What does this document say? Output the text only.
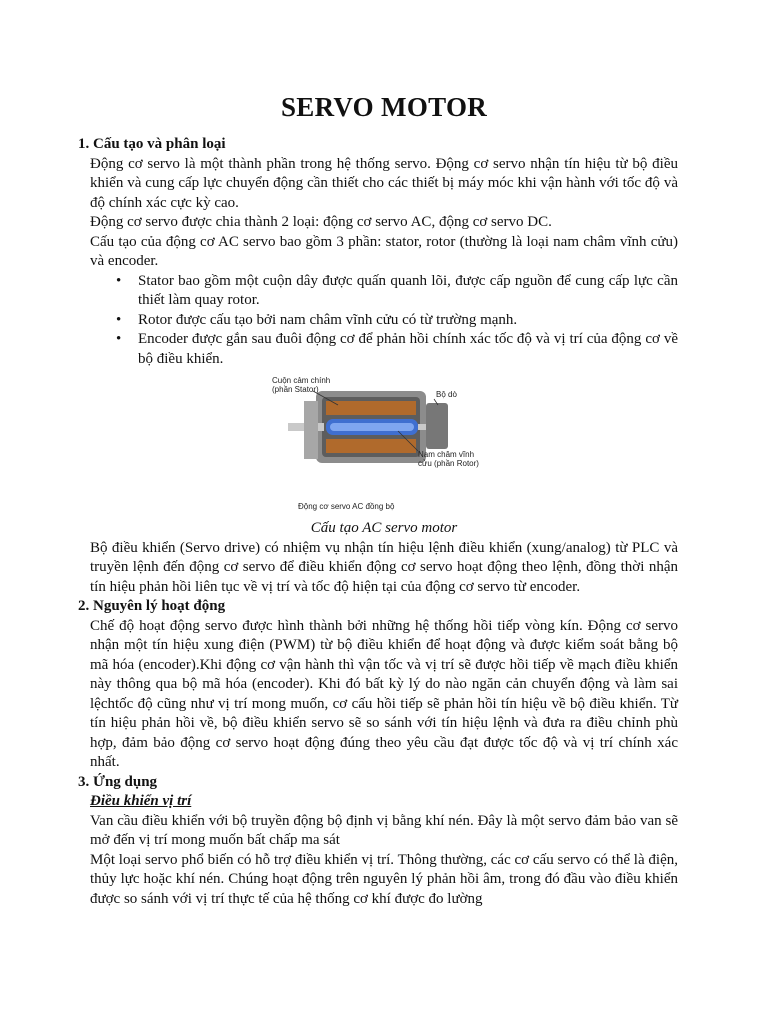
SERVO MOTOR
1. Cấu tạo và phân loại
Động cơ servo là một thành phần trong hệ thống servo. Động cơ servo nhận tín hiệu từ bộ điều khiển và cung cấp lực chuyển động cần thiết cho các thiết bị máy móc khi vận hành với tốc độ và độ chính xác cực kỳ cao.
Động cơ servo được chia thành 2 loại: động cơ servo AC, động cơ servo DC.
Cấu tạo của động cơ AC servo bao gồm 3 phần: stator, rotor (thường là loại nam châm vĩnh cửu) và encoder.
• Stator bao gồm một cuộn dây được quấn quanh lõi, được cấp nguồn để cung cấp lực cần thiết làm quay rotor.
• Rotor được cấu tạo bởi nam châm vĩnh cửu có từ trường mạnh.
• Encoder được gắn sau đuôi động cơ để phản hồi chính xác tốc độ và vị trí của động cơ về bộ điều khiển.
Cuộn cảm chính
(phần Stator)
Bộ dò
Nam châm vĩnh
cửu (phần Rotor)
Động cơ servo AC đồng bộ
Cấu tạo AC servo motor
Bộ điều khiển (Servo drive) có nhiệm vụ nhận tín hiệu lệnh điều khiển (xung/analog) từ PLC và truyền lệnh đến động cơ servo để điều khiển động cơ servo hoạt động theo lệnh, đồng thời nhận tín hiệu phản hồi liên tục về vị trí và tốc độ hiện tại của động cơ servo từ encoder.
2. Nguyên lý hoạt động
Chế độ hoạt động servo được hình thành bởi những hệ thống hồi tiếp vòng kín. Động cơ servo nhận một tín hiệu xung điện (PWM) từ bộ điều khiển để hoạt động và được kiểm soát bằng bộ mã hóa (encoder).Khi động cơ vận hành thì vận tốc và vị trí sẽ được hồi tiếp về mạch điều khiển này thông qua bộ mã hóa (encoder). Khi đó bất kỳ lý do nào ngăn cản chuyển động và làm sai lệchtốc độ cũng như vị trí mong muốn, cơ cấu hồi tiếp sẽ phản hồi tín hiệu về bộ điều khiển. Từ tín hiệu phản hồi về, bộ điều khiển servo sẽ so sánh với tín hiệu lệnh và đưa ra điều chỉnh phù hợp, đảm bảo động cơ servo hoạt động đúng theo yêu cầu đạt được tốc độ và vị trí chính xác nhất.
3. Ứng dụng
Điều khiển vị trí
Van cầu điều khiển với bộ truyền động bộ định vị bằng khí nén. Đây là một servo đảm bảo van sẽ mở đến vị trí mong muốn bất chấp ma sát
Một loại servo phổ biến có hỗ trợ điều khiển vị trí. Thông thường, các cơ cấu servo có thể là điện, thủy lực hoặc khí nén. Chúng hoạt động trên nguyên lý phản hồi âm, trong đó đầu vào điều khiển được so sánh với vị trí thực tế của hệ thống cơ khí được đo lường
